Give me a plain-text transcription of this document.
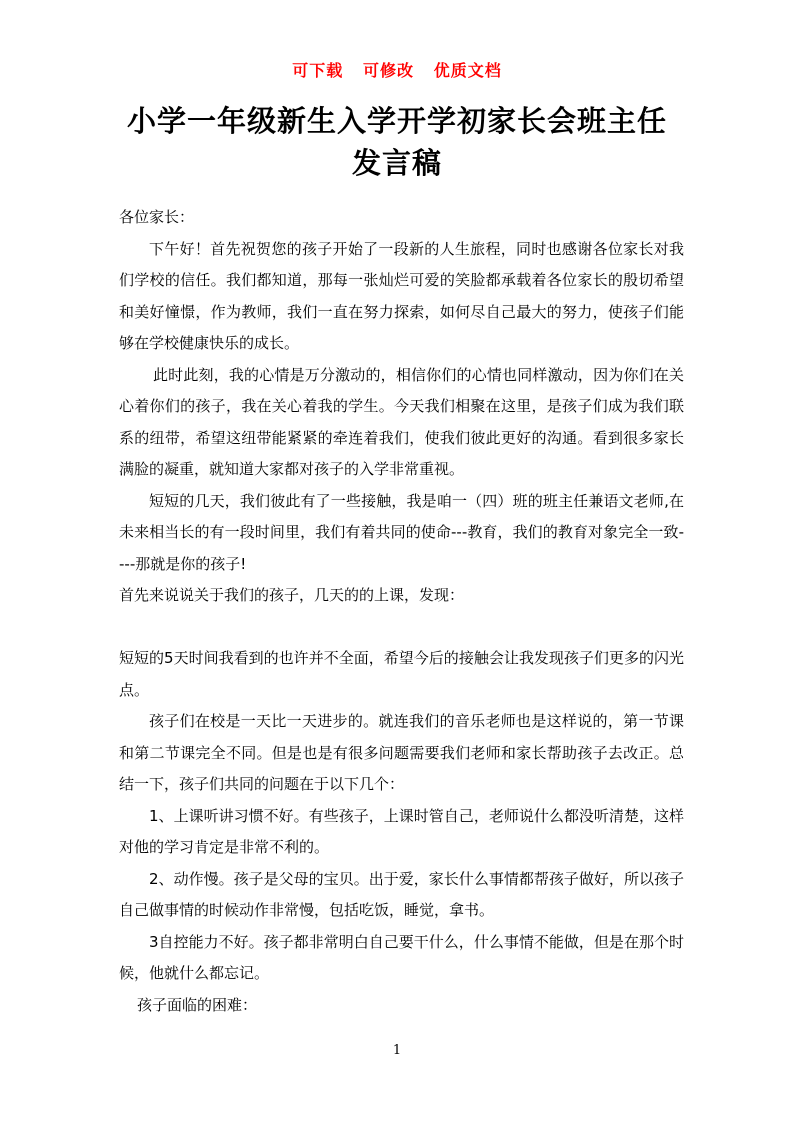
可下载   可修改   优质文档
小学一年级新生入学开学初家长会班主任
发言稿

各位家长：

下午好！首先祝贺您的孩子开始了一段新的人生旅程，同时也感谢各位家长对我们学校的信任。我们都知道，那每一张灿烂可爱的笑脸都承载着各位家长的殷切希望和美好憧憬，作为教师，我们一直在努力探索，如何尽自己最大的努力，使孩子们能够在学校健康快乐的成长。

此时此刻，我的心情是万分激动的，相信你们的心情也同样激动，因为你们在关心着你们的孩子，我在关心着我的学生。今天我们相聚在这里，是孩子们成为我们联系的纽带，希望这纽带能紧紧的牵连着我们，使我们彼此更好的沟通。看到很多家长满脸的凝重，就知道大家都对孩子的入学非常重视。

短短的几天，我们彼此有了一些接触，我是咱一（四）班的班主任兼语文老师,在未来相当长的有一段时间里，我们有着共同的使命---教育，我们的教育对象完全一致----那就是你的孩子!

首先来说说关于我们的孩子，几天的的上课，发现：

短短的5天时间我看到的也许并不全面，希望今后的接触会让我发现孩子们更多的闪光点。

孩子们在校是一天比一天进步的。就连我们的音乐老师也是这样说的，第一节课和第二节课完全不同。但是也是有很多问题需要我们老师和家长帮助孩子去改正。总结一下，孩子们共同的问题在于以下几个：

1、上课听讲习惯不好。有些孩子，上课时管自己，老师说什么都没听清楚，这样对他的学习肯定是非常不利的。

2、动作慢。孩子是父母的宝贝。出于爱，家长什么事情都帮孩子做好，所以孩子自己做事情的时候动作非常慢，包括吃饭，睡觉，拿书。

3自控能力不好。孩子都非常明白自己要干什么，什么事情不能做，但是在那个时候，他就什么都忘记。

孩子面临的困难：

1
